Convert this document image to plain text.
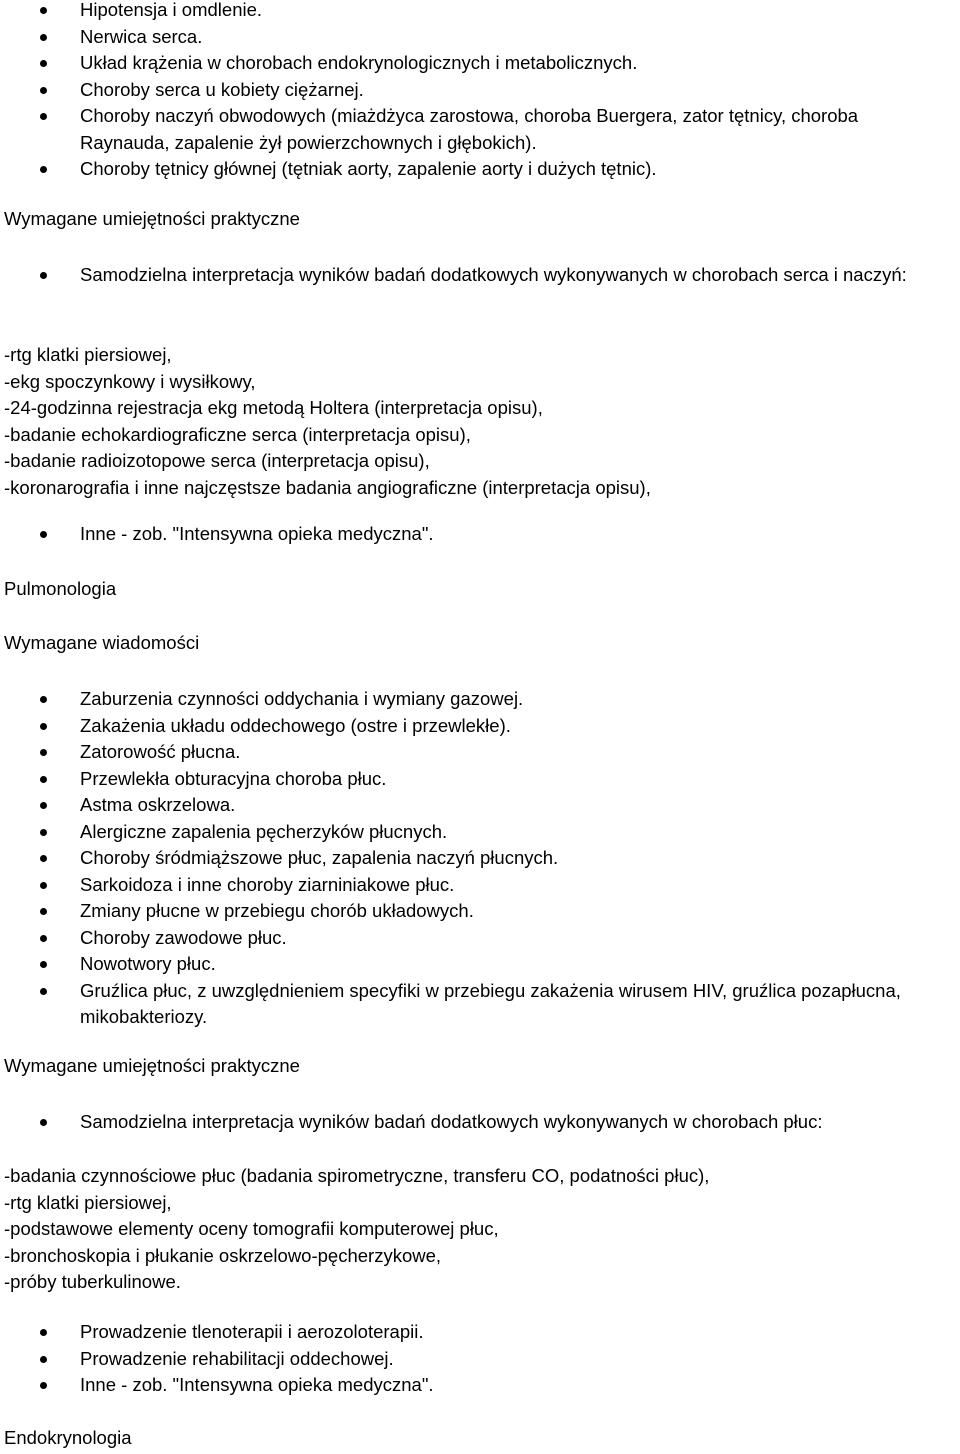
Hipotensja i omdlenie.
Nerwica serca.
Układ krążenia w chorobach endokrynologicznych i metabolicznych.
Choroby serca u kobiety ciężarnej.
Choroby naczyń obwodowych (miażdżyca zarostowa, choroba Buergera, zator tętnicy, choroba Raynauda, zapalenie żył powierzchownych i głębokich).
Choroby tętnicy głównej (tętniak aorty, zapalenie aorty i dużych tętnic).
Wymagane umiejętności praktyczne
Samodzielna interpretacja wyników badań dodatkowych wykonywanych w chorobach serca i naczyń:
-rtg klatki piersiowej,
-ekg spoczynkowy i wysiłkowy,
-24-godzinna rejestracja ekg metodą Holtera (interpretacja opisu),
-badanie echokardiograficzne serca (interpretacja opisu),
-badanie radioizotopowe serca (interpretacja opisu),
-koronarografia i inne najczęstsze badania angiograficzne (interpretacja opisu),
Inne - zob. "Intensywna opieka medyczna".
Pulmonologia
Wymagane wiadomości
Zaburzenia czynności oddychania i wymiany gazowej.
Zakażenia układu oddechowego (ostre i przewlekłe).
Zatorowość płucna.
Przewlekła obturacyjna choroba płuc.
Astma oskrzelowa.
Alergiczne zapalenia pęcherzyków płucnych.
Choroby śródmiąższowe płuc, zapalenia naczyń płucnych.
Sarkoidoza i inne choroby ziarniniakowe płuc.
Zmiany płucne w przebiegu chorób układowych.
Choroby zawodowe płuc.
Nowotwory płuc.
Gruźlica płuc, z uwzględnieniem specyfiki w przebiegu zakażenia wirusem HIV, gruźlica pozapłucna, mikobakteriozy.
Wymagane umiejętności praktyczne
Samodzielna interpretacja wyników badań dodatkowych wykonywanych w chorobach płuc:
-badania czynnościowe płuc (badania spirometryczne, transferu CO, podatności płuc),
-rtg klatki piersiowej,
-podstawowe elementy oceny tomografii komputerowej płuc,
-bronchoskopia i płukanie oskrzelowo-pęcherzykowe,
-próby tuberkulinowe.
Prowadzenie tlenoterapii i aerozoloterapii.
Prowadzenie rehabilitacji oddechowej.
Inne - zob. "Intensywna opieka medyczna".
Endokrynologia
